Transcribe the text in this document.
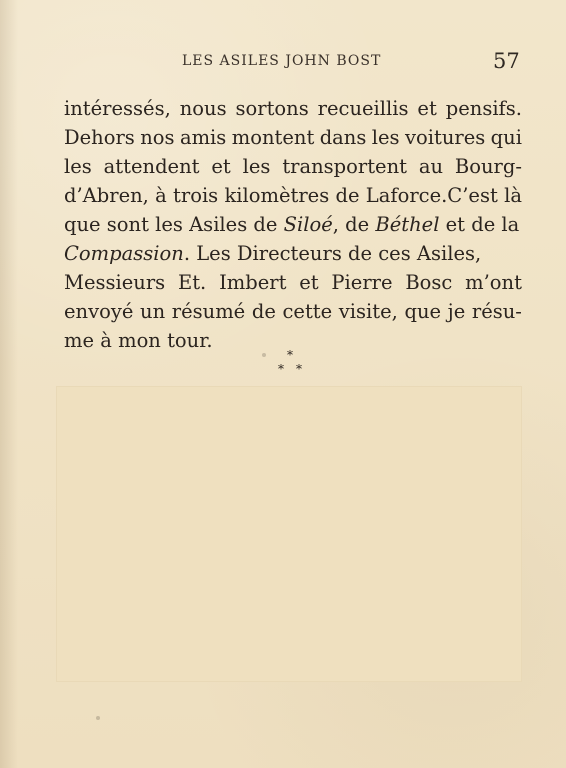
LES ASILES JOHN BOST	57
intéressés, nous sortons recueillis et pensifs.
Dehors nos amis montent dans les voitures qui
les attendent et les transportent au Bourg-
d’Abren, à trois kilomètres de Laforce.C’est là
que sont les Asiles de Siloé, de Béthel et de la
Compassion. Les Directeurs de ces Asiles,
Messieurs Et. Imbert et Pierre Bosc m’ont
envoyé un résumé de cette visite, que je résu-
me à mon tour.
*
* *
